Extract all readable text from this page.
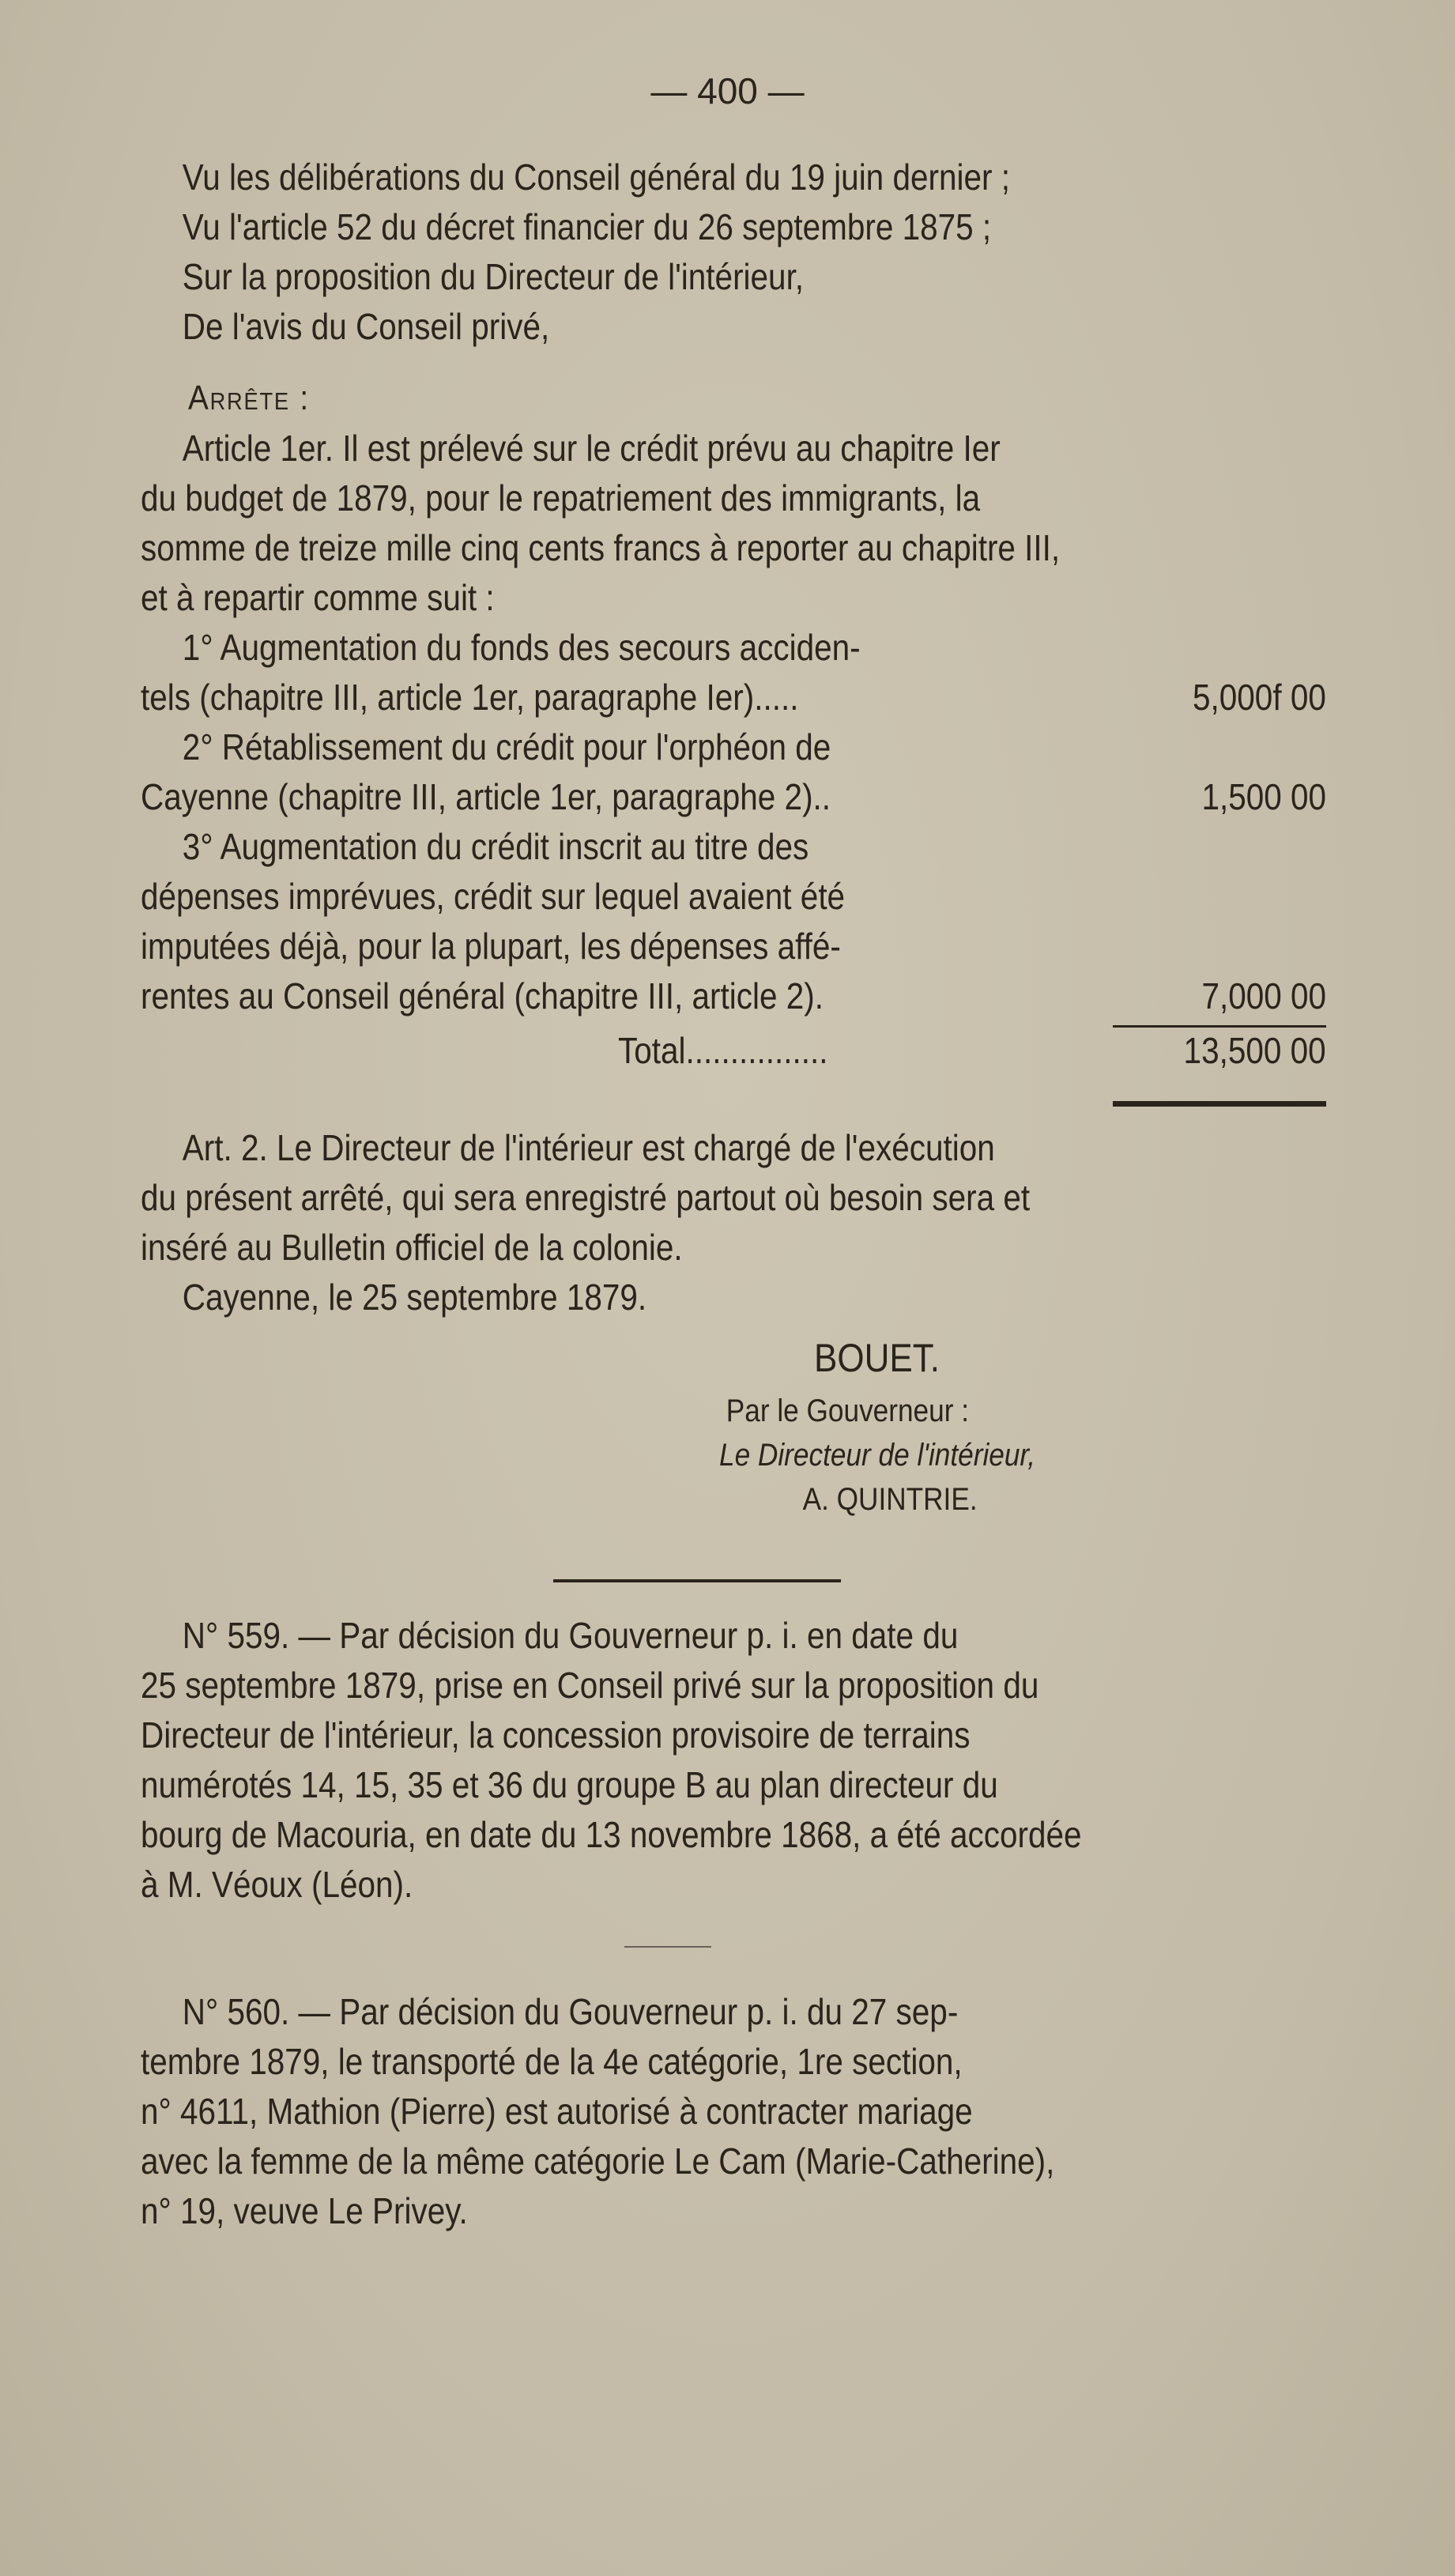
— 400 —
Vu les délibérations du Conseil général du 19 juin dernier ;
Vu l'article 52 du décret financier du 26 septembre 1875 ;
Sur la proposition du Directeur de l'intérieur,
De l'avis du Conseil privé,
Arrête :
Article 1er. Il est prélevé sur le crédit prévu au chapitre Ier
du budget de 1879, pour le repatriement des immigrants, la
somme de treize mille cinq cents francs à reporter au chapitre III,
et à repartir comme suit :
1° Augmentation du fonds des secours acciden-
tels (chapitre III, article 1er, paragraphe Ier).....	5,000f 00
2° Rétablissement du crédit pour l'orphéon de
Cayenne (chapitre III, article 1er, paragraphe 2)..	1,500 00
3° Augmentation du crédit inscrit au titre des
dépenses imprévues, crédit sur lequel avaient été
imputées déjà, pour la plupart, les dépenses affé-
rentes au Conseil général (chapitre III, article 2).	7,000 00
Total................	13,500 00
Art. 2. Le Directeur de l'intérieur est chargé de l'exécution
du présent arrêté, qui sera enregistré partout où besoin sera et
inséré au Bulletin officiel de la colonie.
Cayenne, le 25 septembre 1879.
BOUET.
Par le Gouverneur :
Le Directeur de l'intérieur,
A. QUINTRIE.
N° 559. — Par décision du Gouverneur p. i. en date du
25 septembre 1879, prise en Conseil privé sur la proposition du
Directeur de l'intérieur, la concession provisoire de terrains
numérotés 14, 15, 35 et 36 du groupe B au plan directeur du
bourg de Macouria, en date du 13 novembre 1868, a été accordée
à M. Véoux (Léon).
N° 560. — Par décision du Gouverneur p. i. du 27 sep-
tembre 1879, le transporté de la 4e catégorie, 1re section,
n° 4611, Mathion (Pierre) est autorisé à contracter mariage
avec la femme de la même catégorie Le Cam (Marie-Catherine),
n° 19, veuve Le Privey.
